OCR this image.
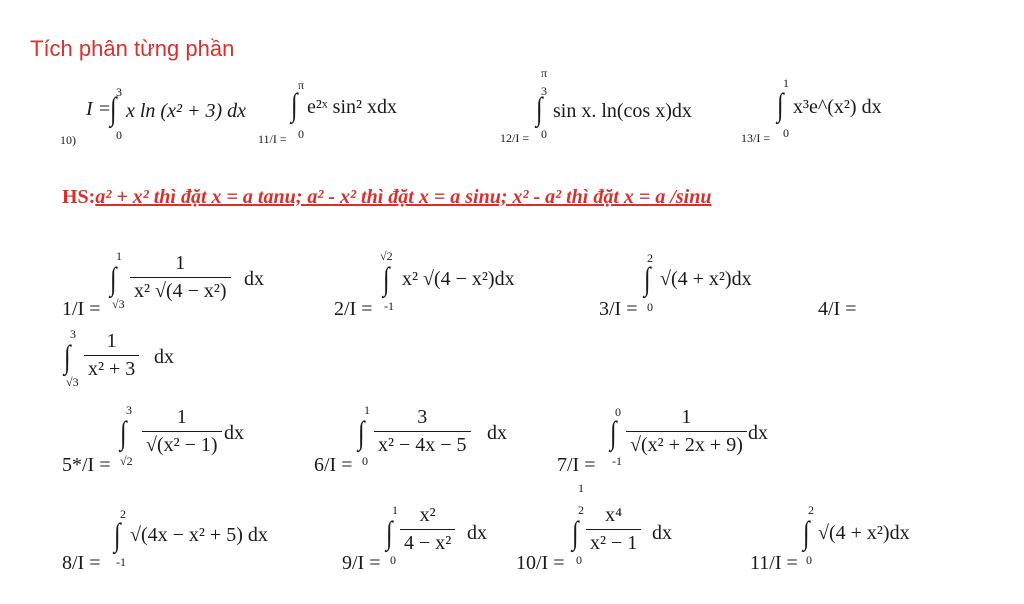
Tích phân từng phần
10)
I =
3
∫
0
x ln (x² + 3) dx
11/I =
π
∫
0
e²ˣ sin² xdx
12/I =
π
3
∫
0
sin x. ln(cos x)dx
13/I =
1
∫
0
x³e^(x²) dx
HS:a² + x² thì đặt x = a tanu; a² - x² thì đặt x = a sinu; x² - a² thì đặt x = a /sinu
1/I =
1
∫
√3
$\frac{1}{\text{x² √(4 − x²)}}$ dx
2/I =
√2
∫
-1
x² √(4 − x²)dx
3/I =
2
∫
0
√(4 + x²)dx
4/I =
3
∫
√3
$\frac{1}{\text{x² + 3}}$ dx
5*/I =
3
∫
√2
$\frac{1}{\text{√(x² − 1)}}$ dx
6/I =
1
∫
0
$\frac{3}{\text{x² − 4x − 5}}$ dx
7/I =
0
∫
-1
$\frac{1}{\text{√(x² + 2x + 9)}}$ dx
8/I =
2
∫
-1
√(4x − x² + 5) dx
9/I =
1
∫
0
$\frac{\text{x²}}{\text{4 − x²}}$ dx
10/I =
1
2
∫
0
$\frac{\text{x⁴}}{\text{x² − 1}}$ dx
11/I =
2
∫
0
√(4 + x²)dx
